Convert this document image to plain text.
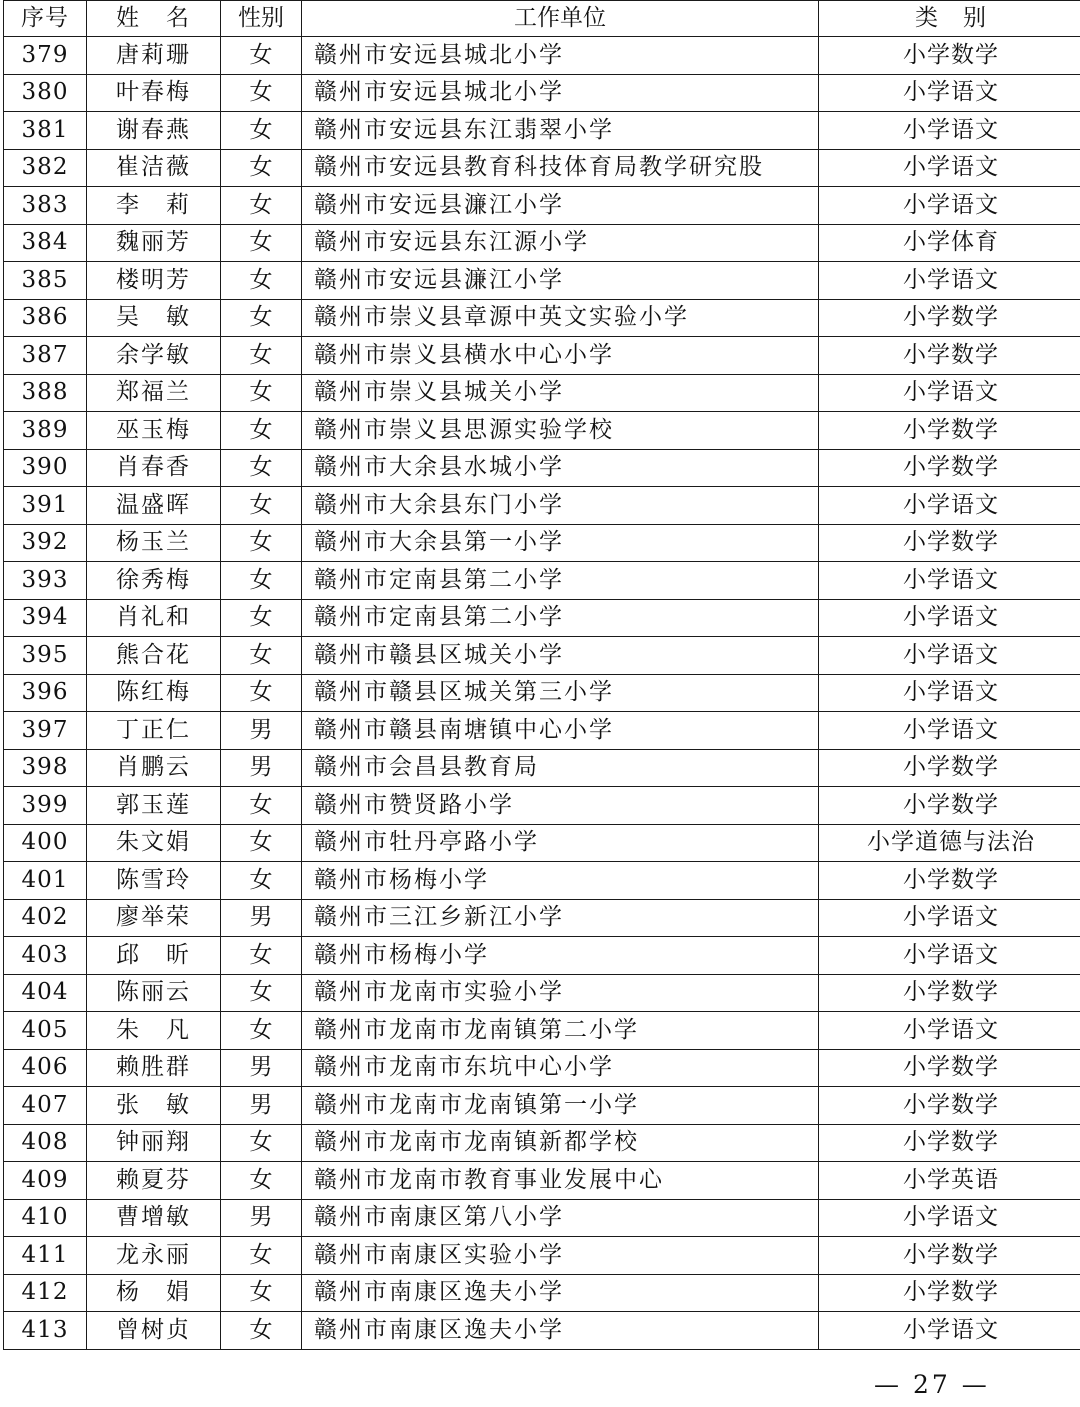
序号	姓　名	性别	工作单位	类　别
379	唐莉珊	女	赣州市安远县城北小学	小学数学
380	叶春梅	女	赣州市安远县城北小学	小学语文
381	谢春燕	女	赣州市安远县东江翡翠小学	小学语文
382	崔洁薇	女	赣州市安远县教育科技体育局教学研究股	小学语文
383	李　莉	女	赣州市安远县濂江小学	小学语文
384	魏丽芳	女	赣州市安远县东江源小学	小学体育
385	楼明芳	女	赣州市安远县濂江小学	小学语文
386	吴　敏	女	赣州市崇义县章源中英文实验小学	小学数学
387	余学敏	女	赣州市崇义县横水中心小学	小学数学
388	郑福兰	女	赣州市崇义县城关小学	小学语文
389	巫玉梅	女	赣州市崇义县思源实验学校	小学数学
390	肖春香	女	赣州市大余县水城小学	小学数学
391	温盛晖	女	赣州市大余县东门小学	小学语文
392	杨玉兰	女	赣州市大余县第一小学	小学数学
393	徐秀梅	女	赣州市定南县第二小学	小学语文
394	肖礼和	女	赣州市定南县第二小学	小学语文
395	熊合花	女	赣州市赣县区城关小学	小学语文
396	陈红梅	女	赣州市赣县区城关第三小学	小学语文
397	丁正仁	男	赣州市赣县南塘镇中心小学	小学语文
398	肖鹏云	男	赣州市会昌县教育局	小学数学
399	郭玉莲	女	赣州市赞贤路小学	小学数学
400	朱文娟	女	赣州市牡丹亭路小学	小学道德与法治
401	陈雪玲	女	赣州市杨梅小学	小学数学
402	廖举荣	男	赣州市三江乡新江小学	小学语文
403	邱　昕	女	赣州市杨梅小学	小学语文
404	陈丽云	女	赣州市龙南市实验小学	小学数学
405	朱　凡	女	赣州市龙南市龙南镇第二小学	小学语文
406	赖胜群	男	赣州市龙南市东坑中心小学	小学数学
407	张　敏	男	赣州市龙南市龙南镇第一小学	小学数学
408	钟丽翔	女	赣州市龙南市龙南镇新都学校	小学数学
409	赖夏芬	女	赣州市龙南市教育事业发展中心	小学英语
410	曹增敏	男	赣州市南康区第八小学	小学语文
411	龙永丽	女	赣州市南康区实验小学	小学数学
412	杨　娟	女	赣州市南康区逸夫小学	小学数学
413	曾树贞	女	赣州市南康区逸夫小学	小学语文
— 27 —
